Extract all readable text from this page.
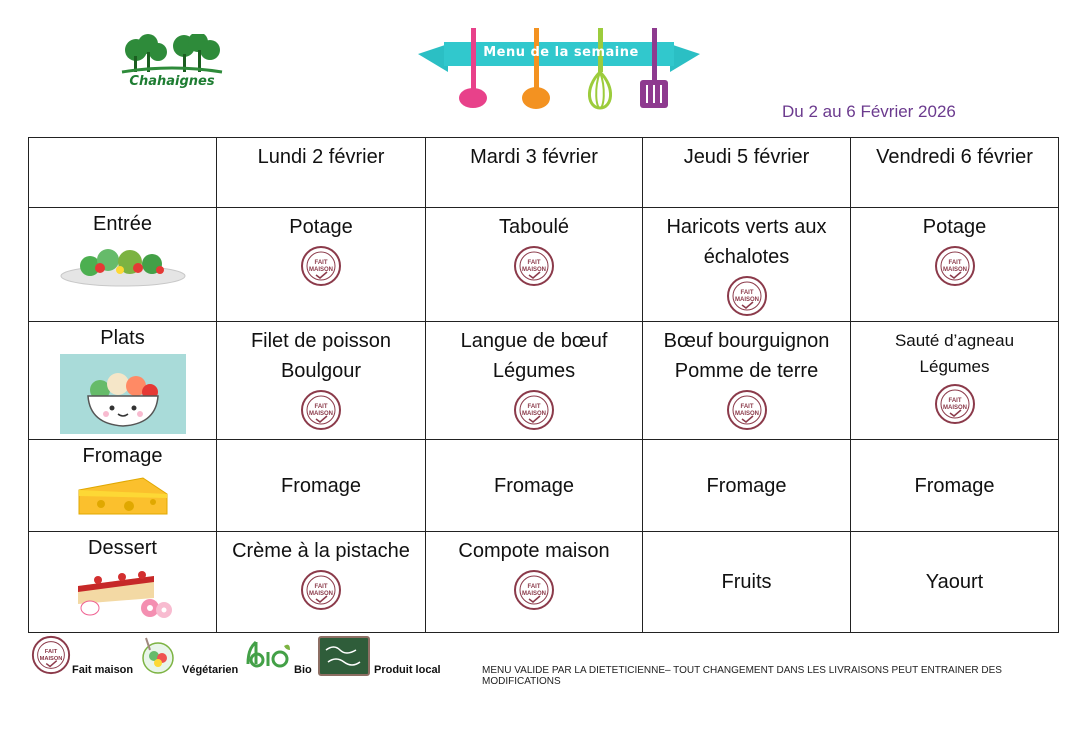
Chahaignes
Menu de la semaine
Du 2 au 6 Février 2026

	Lundi 2 février	Mardi 3 février	Jeudi 5 février	Vendredi 6 février

Entrée	Potage
FAIT
MAISON	Taboulé
FAIT
MAISON	Haricots verts aux
échalotes
FAIT
MAISON	Potage
FAIT
MAISON

Plats	Filet de poisson
Boulgour
FAIT
MAISON	Langue de bœuf
Légumes
FAIT
MAISON	Bœuf bourguignon
Pomme de terre
FAIT
MAISON	Sauté d’agneau
Légumes
FAIT
MAISON

Fromage	Fromage	Fromage	Fromage	Fromage

Dessert	Crème à la pistache
FAIT
MAISON	Compote maison
FAIT
MAISON	Fruits	Yaourt
FAIT
MAISON
Fait maison	Végétarien	Bio	Produit local	MENU VALIDE PAR LA DIETETICIENNE– TOUT CHANGEMENT DANS LES LIVRAISONS PEUT ENTRAINER DES MODIFICATIONS
